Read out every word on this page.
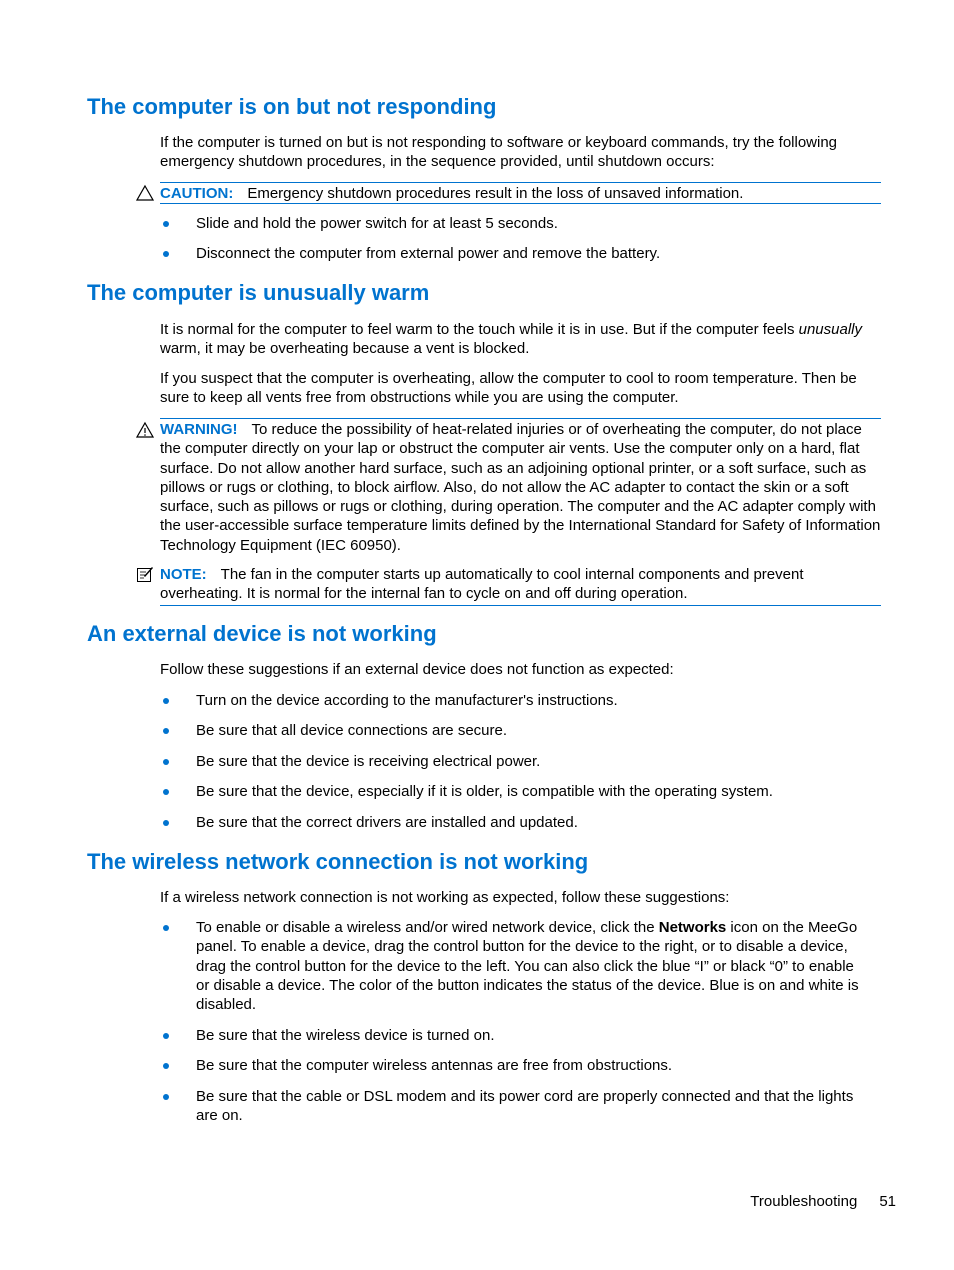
The computer is on but not responding

If the computer is turned on but is not responding to software or keyboard commands, try the following emergency shutdown procedures, in the sequence provided, until shutdown occurs:

CAUTION: Emergency shutdown procedures result in the loss of unsaved information.

Slide and hold the power switch for at least 5 seconds.

Disconnect the computer from external power and remove the battery.

The computer is unusually warm

It is normal for the computer to feel warm to the touch while it is in use. But if the computer feels unusually warm, it may be overheating because a vent is blocked.

If you suspect that the computer is overheating, allow the computer to cool to room temperature. Then be sure to keep all vents free from obstructions while you are using the computer.

WARNING! To reduce the possibility of heat-related injuries or of overheating the computer, do not place the computer directly on your lap or obstruct the computer air vents. Use the computer only on a hard, flat surface. Do not allow another hard surface, such as an adjoining optional printer, or a soft surface, such as pillows or rugs or clothing, to block airflow. Also, do not allow the AC adapter to contact the skin or a soft surface, such as pillows or rugs or clothing, during operation. The computer and the AC adapter comply with the user-accessible surface temperature limits defined by the International Standard for Safety of Information Technology Equipment (IEC 60950).

NOTE: The fan in the computer starts up automatically to cool internal components and prevent overheating. It is normal for the internal fan to cycle on and off during operation.

An external device is not working

Follow these suggestions if an external device does not function as expected:

Turn on the device according to the manufacturer's instructions.

Be sure that all device connections are secure.

Be sure that the device is receiving electrical power.

Be sure that the device, especially if it is older, is compatible with the operating system.

Be sure that the correct drivers are installed and updated.

The wireless network connection is not working

If a wireless network connection is not working as expected, follow these suggestions:

To enable or disable a wireless and/or wired network device, click the Networks icon on the MeeGo panel. To enable a device, drag the control button for the device to the right, or to disable a device, drag the control button for the device to the left. You can also click the blue “I” or black “0” to enable or disable a device. The color of the button indicates the status of the device. Blue is on and white is disabled.

Be sure that the wireless device is turned on.

Be sure that the computer wireless antennas are free from obstructions.

Be sure that the cable or DSL modem and its power cord are properly connected and that the lights are on.

Troubleshooting 51
